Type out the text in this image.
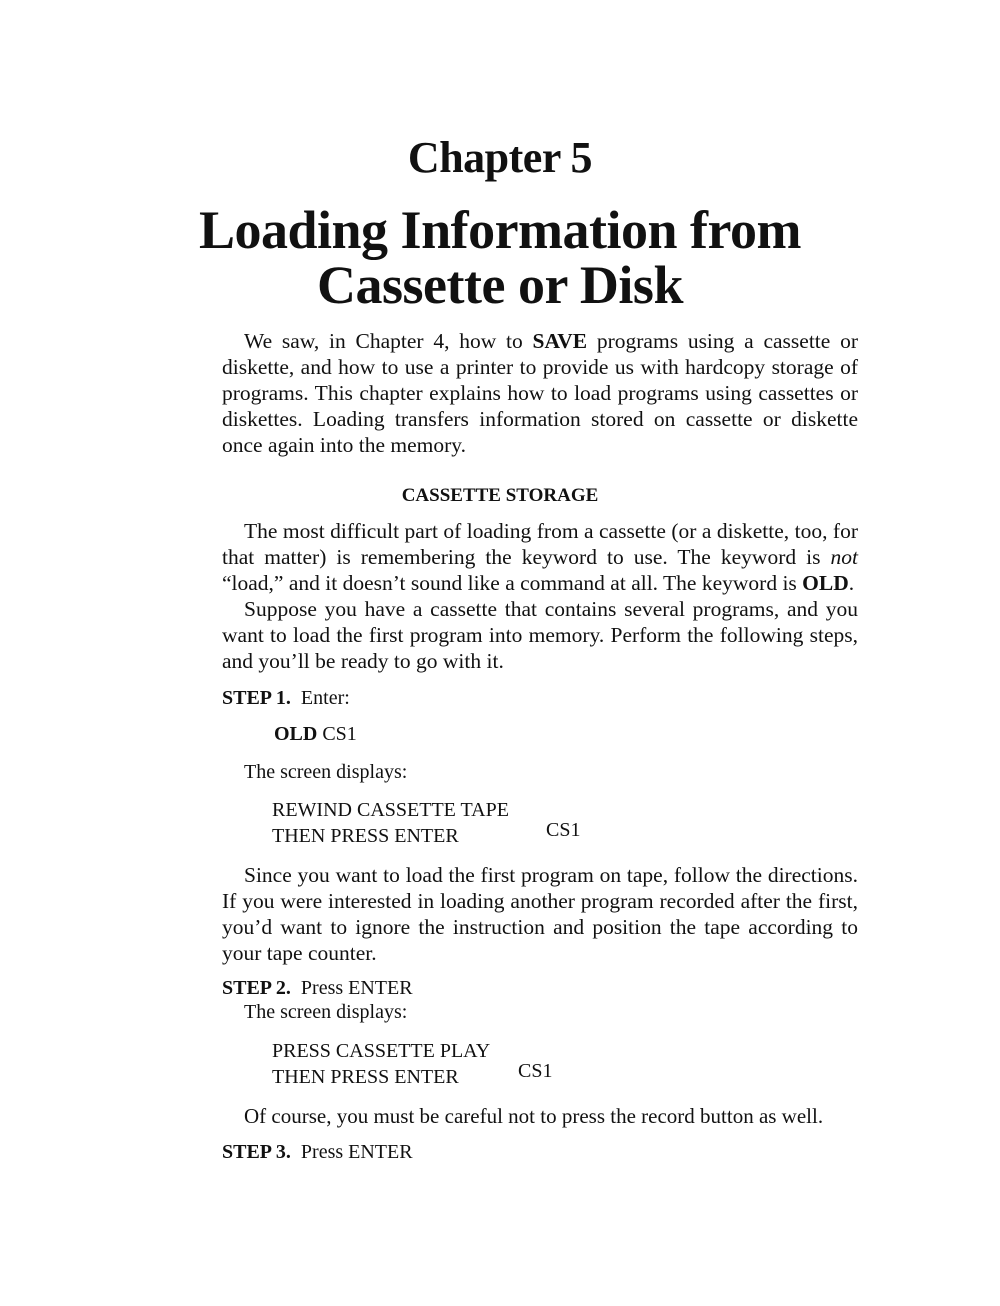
Chapter 5
Loading Information from
Cassette or Disk

We saw, in Chapter 4, how to SAVE programs using a cassette or diskette, and how to use a printer to provide us with hardcopy storage of programs. This chapter explains how to load programs using cassettes or diskettes. Loading transfers information stored on cassette or diskette once again into the memory.

CASSETTE STORAGE

The most difficult part of loading from a cassette (or a diskette, too, for that matter) is remembering the keyword to use. The keyword is not “load,” and it doesn’t sound like a command at all. The keyword is OLD.

Suppose you have a cassette that contains several programs, and you want to load the first program into memory. Perform the following steps, and you’ll be ready to go with it.

STEP 1. Enter:

OLD CS1

The screen displays:

REWIND CASSETTE TAPE

CS1

THEN PRESS ENTER

Since you want to load the first program on tape, follow the directions. If you were interested in loading another program recorded after the first, you’d want to ignore the instruction and position the tape according to your tape counter.

STEP 2. Press ENTER

The screen displays:

PRESS CASSETTE PLAY

CS1

THEN PRESS ENTER

Of course, you must be careful not to press the record button as well.

STEP 3. Press ENTER
